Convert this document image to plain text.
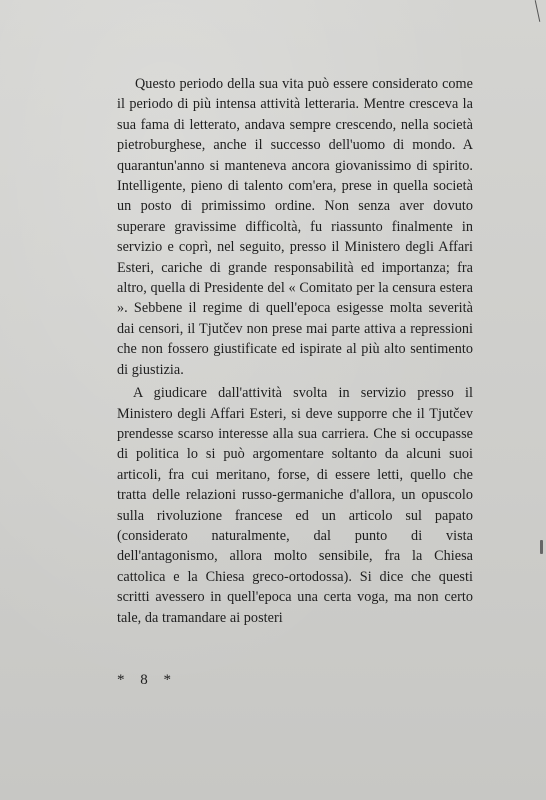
Questo periodo della sua vita può essere considerato come il periodo di più intensa attività letteraria. Mentre cresceva la sua fama di letterato, andava sempre crescendo, nella società pietroburghese, anche il successo dell'uomo di mondo. A quarantun'anno si manteneva ancora giovanissimo di spirito. Intelligente, pieno di talento com'era, prese in quella società un posto di primissimo ordine. Non senza aver dovuto superare gravissime difficoltà, fu riassunto finalmente in servizio e coprì, nel seguito, presso il Ministero degli Affari Esteri, cariche di grande responsabilità ed importanza; fra altro, quella di Presidente del « Comitato per la censura estera ». Sebbene il regime di quell'epoca esigesse molta severità dai censori, il Tjutčev non prese mai parte attiva a repressioni che non fossero giustificate ed ispirate al più alto sentimento di giustizia.

A giudicare dall'attività svolta in servizio presso il Ministero degli Affari Esteri, si deve supporre che il Tjutčev prendesse scarso interesse alla sua carriera. Che si occupasse di politica lo si può argomentare soltanto da alcuni suoi articoli, fra cui meritano, forse, di essere letti, quello che tratta delle relazioni russo-germaniche d'allora, un opuscolo sulla rivoluzione francese ed un articolo sul papato (considerato naturalmente, dal punto di vista dell'antagonismo, allora molto sensibile, fra la Chiesa cattolica e la Chiesa greco-ortodossa). Si dice che questi scritti avessero in quell'epoca una certa voga, ma non certo tale, da tramandare ai posteri

* 8 *
